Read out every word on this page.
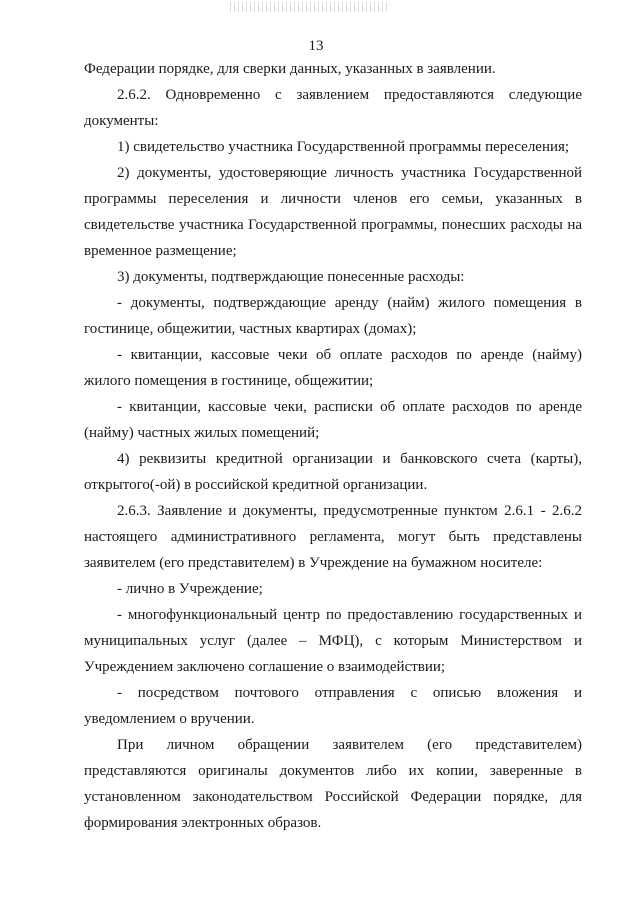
13

Федерации порядке, для сверки данных, указанных в заявлении.

2.6.2. Одновременно с заявлением предоставляются следующие документы:

1) свидетельство участника Государственной программы переселения;

2) документы, удостоверяющие личность участника Государственной программы переселения и личности членов его семьи, указанных в свидетельстве участника Государственной программы, понесших расходы на временное размещение;

3) документы, подтверждающие понесенные расходы:

- документы, подтверждающие аренду (найм) жилого помещения в гостинице, общежитии, частных квартирах (домах);

- квитанции, кассовые чеки об оплате расходов по аренде (найму) жилого помещения в гостинице, общежитии;

- квитанции, кассовые чеки, расписки об оплате расходов по аренде (найму) частных жилых помещений;

4) реквизиты кредитной организации и банковского счета (карты), открытого(-ой) в российской кредитной организации.

2.6.3. Заявление и документы, предусмотренные пунктом 2.6.1 - 2.6.2 настоящего административного регламента, могут быть представлены заявителем (его представителем) в Учреждение на бумажном носителе:

- лично в Учреждение;

- многофункциональный центр по предоставлению государственных и муниципальных услуг (далее – МФЦ), с которым Министерством и Учреждением заключено соглашение о взаимодействии;

- посредством почтового отправления с описью вложения и уведомлением о вручении.

При личном обращении заявителем (его представителем) представляются оригиналы документов либо их копии, заверенные в установленном законодательством Российской Федерации порядке, для формирования электронных образов.
